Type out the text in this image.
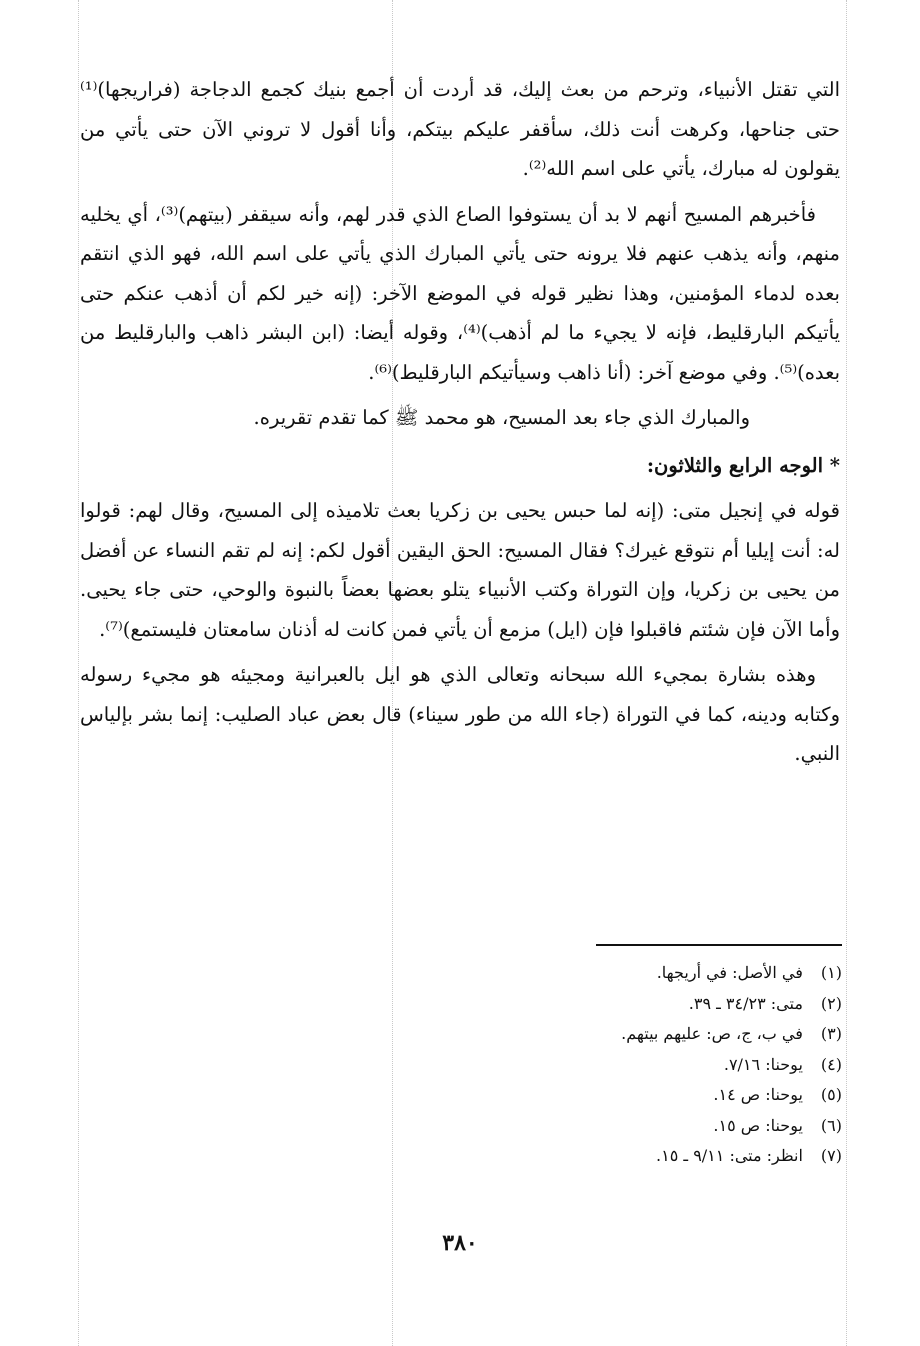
التي تقتل الأنبياء، وترحم من بعث إليك، قد أردت أن أجمع بنيك كجمع الدجاجة (فراريجها)⁽¹⁾ حتى جناحها، وكرهت أنت ذلك، سأقفر عليكم بيتكم، وأنا أقول لا تروني الآن حتى يأتي من يقولون له مبارك، يأتي على اسم الله⁽²⁾.

فأخبرهم المسيح أنهم لا بد أن يستوفوا الصاع الذي قدر لهم، وأنه سيقفر (بيتهم)⁽³⁾، أي يخليه منهم، وأنه يذهب عنهم فلا يرونه حتى يأتي المبارك الذي يأتي على اسم الله، فهو الذي انتقم بعده لدماء المؤمنين، وهذا نظير قوله في الموضع الآخر: (إنه خير لكم أن أذهب عنكم حتى يأتيكم البارقليط، فإنه لا يجيء ما لم أذهب)⁽⁴⁾، وقوله أيضا: (ابن البشر ذاهب والبارقليط من بعده)⁽⁵⁾. وفي موضع آخر: (أنا ذاهب وسيأتيكم البارقليط)⁽⁶⁾.

والمبارك الذي جاء بعد المسيح، هو محمد ﷺ كما تقدم تقريره.

* الوجه الرابع والثلاثون:

قوله في إنجيل متى: (إنه لما حبس يحيى بن زكريا بعث تلاميذه إلى المسيح، وقال لهم: قولوا له: أنت إيليا أم نتوقع غيرك؟ فقال المسيح: الحق اليقين أقول لكم: إنه لم تقم النساء عن أفضل من يحيى بن زكريا، وإن التوراة وكتب الأنبياء يتلو بعضها بعضاً بالنبوة والوحي، حتى جاء يحيى. وأما الآن فإن شئتم فاقبلوا فإن (ايل) مزمع أن يأتي فمن كانت له أذنان سامعتان فليستمع)⁽⁷⁾.

وهذه بشارة بمجيء الله سبحانه وتعالى الذي هو ايل بالعبرانية ومجيئه هو مجيء رسوله وكتابه ودينه، كما في التوراة (جاء الله من طور سيناء) قال بعض عباد الصليب: إنما بشر بإلياس النبي.

(١) في الأصل: في أريجها.
(٢) متى: ٣٤/٢٣ ـ ٣٩.
(٣) في ب، ج، ص: عليهم بيتهم.
(٤) يوحنا: ٧/١٦.
(٥) يوحنا: ص ١٤.
(٦) يوحنا: ص ١٥.
(٧) انظر: متى: ٩/١١ ـ ١٥.
٣٨٠
